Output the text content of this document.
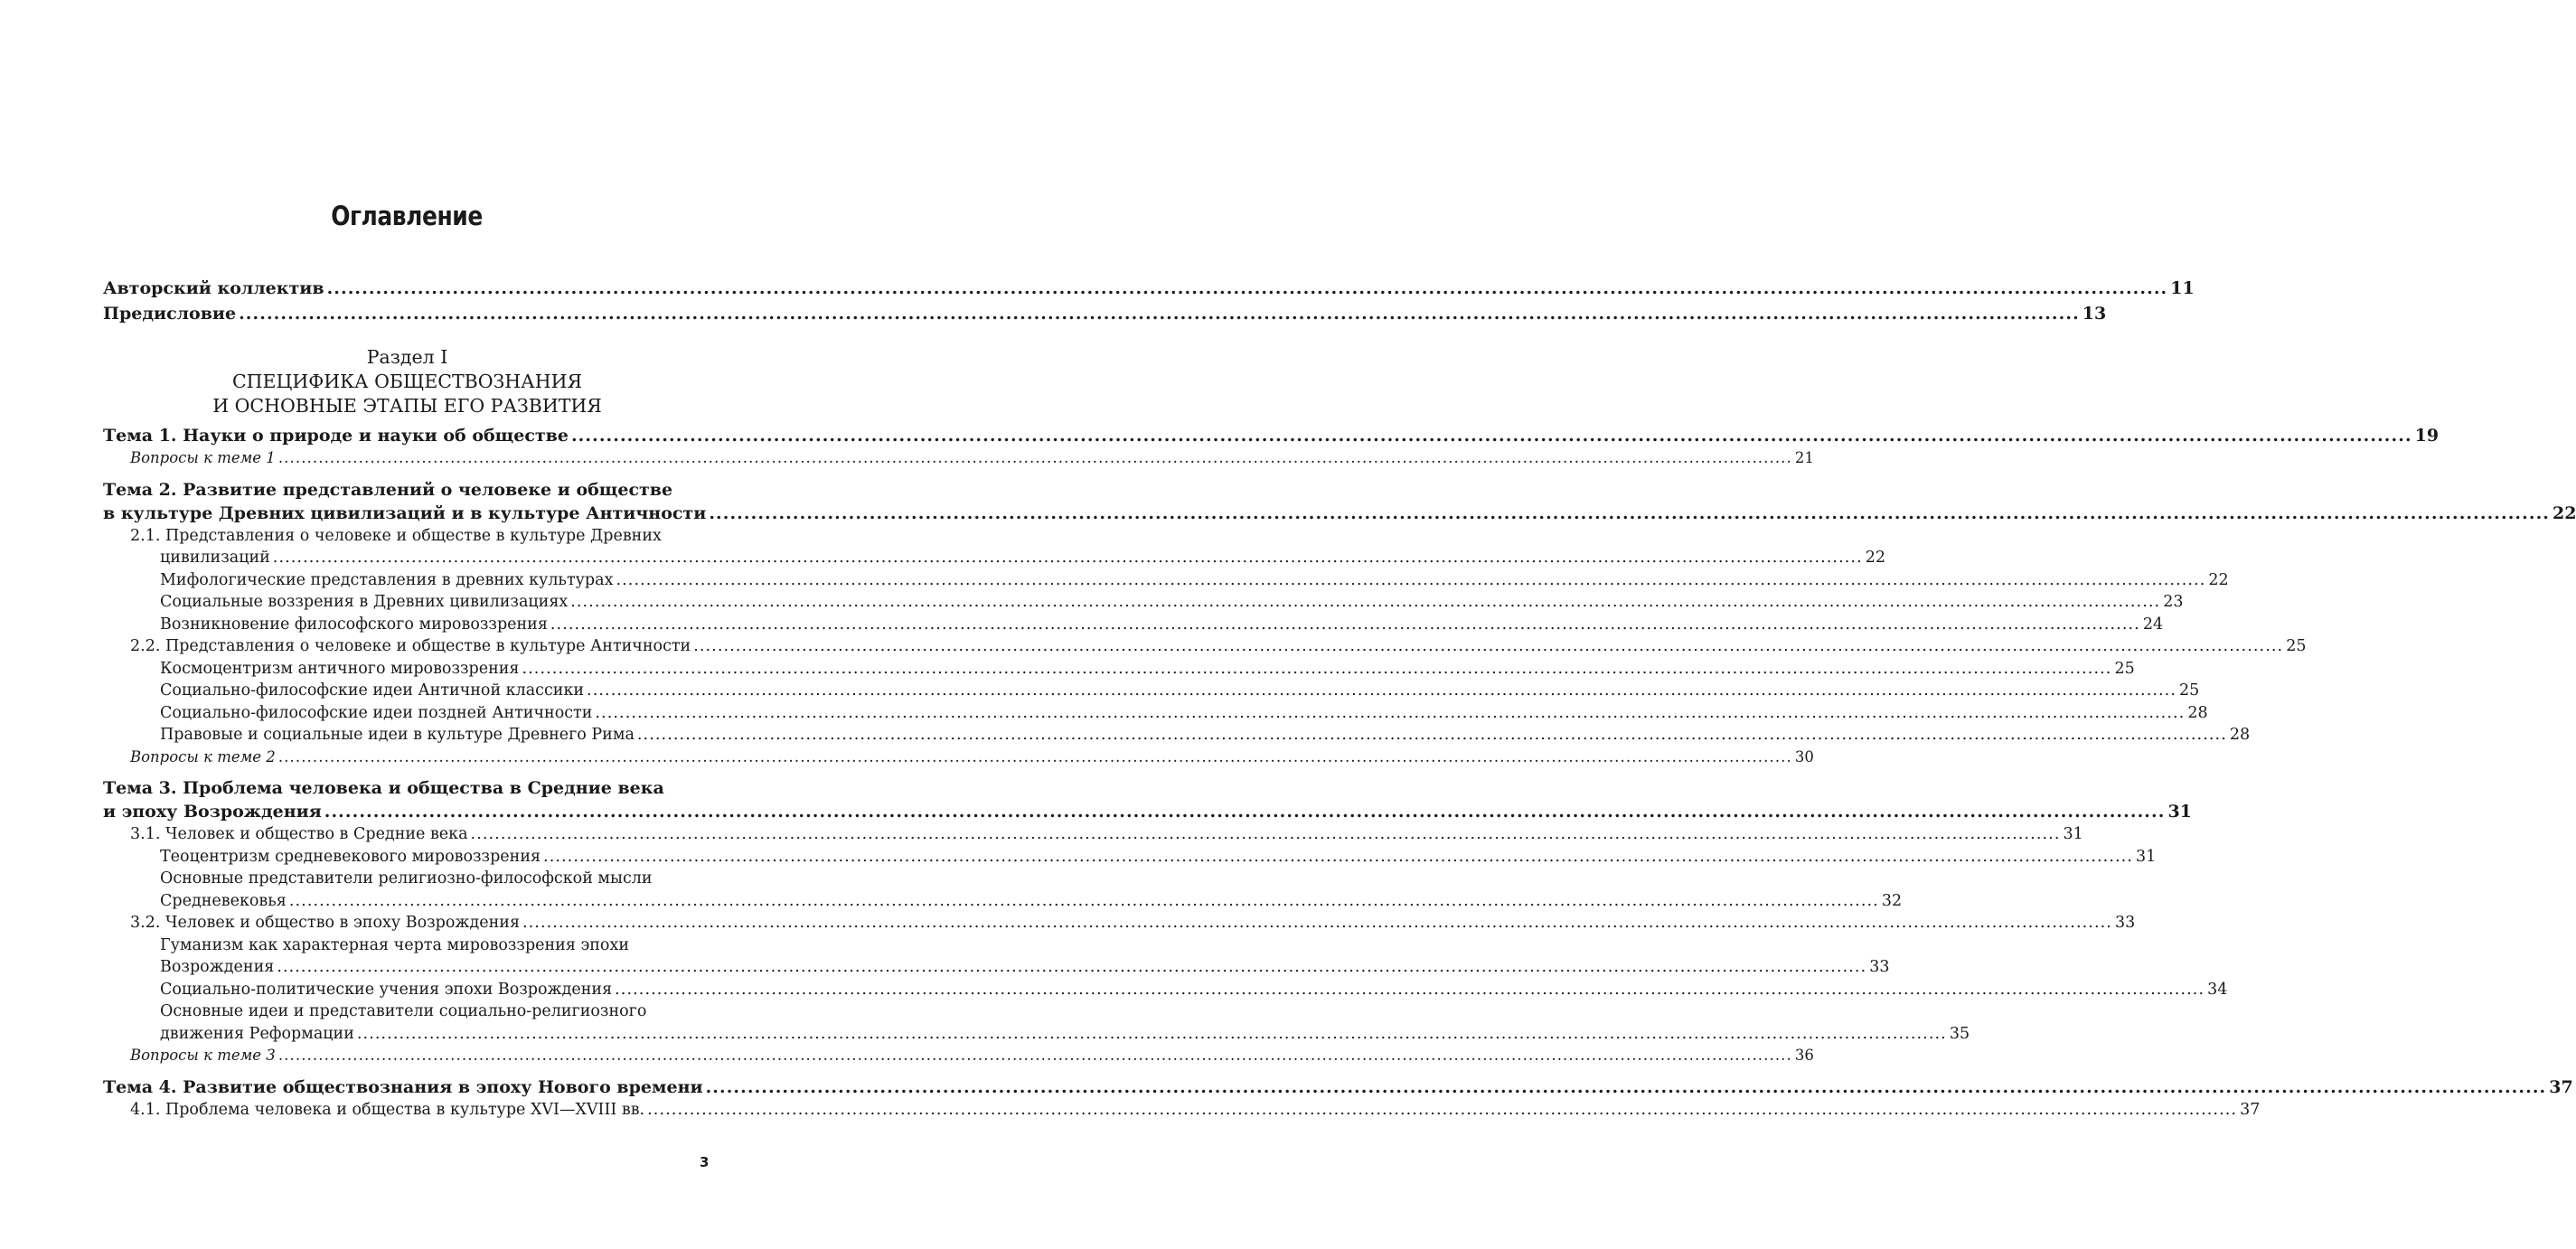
Оглавление
Авторский коллектив .....	11
Предисловие .....	13
Раздел I
СПЕЦИФИКА ОБЩЕСТВОЗНАНИЯ
И ОСНОВНЫЕ ЭТАПЫ ЕГО РАЗВИТИЯ
Тема 1. Науки о природе и науки об обществе .....	19
Вопросы к теме 1 .....	21
Тема 2. Развитие представлений о человеке и обществе
в культуре Древних цивилизаций и в культуре Античности .....	22
2.1. Представления о человеке и обществе в культуре Древних
цивилизаций .....	22
Мифологические представления в древних культурах .....	22
Социальные воззрения в Древних цивилизациях .....	23
Возникновение философского мировоззрения .....	24
2.2. Представления о человеке и обществе в культуре Античности .....	25
Космоцентризм античного мировоззрения .....	25
Социально-философские идеи Античной классики .....	25
Социально-философские идеи поздней Античности .....	28
Правовые и социальные идеи в культуре Древнего Рима .....	28
Вопросы к теме 2 .....	30
Тема 3. Проблема человека и общества в Средние века
и эпоху Возрождения .....	31
3.1. Человек и общество в Средние века .....	31
Теоцентризм средневекового мировоззрения .....	31
Основные представители религиозно-философской мысли
Средневековья .....	32
3.2. Человек и общество в эпоху Возрождения .....	33
Гуманизм как характерная черта мировоззрения эпохи
Возрождения .....	33
Социально-политические учения эпохи Возрождения .....	34
Основные идеи и представители социально-религиозного
движения Реформации .....	35
Вопросы к теме 3 .....	36
Тема 4. Развитие обществознания в эпоху Нового времени .....	37
4.1. Проблема человека и общества в культуре XVI—XVIII вв. .....	37
3
